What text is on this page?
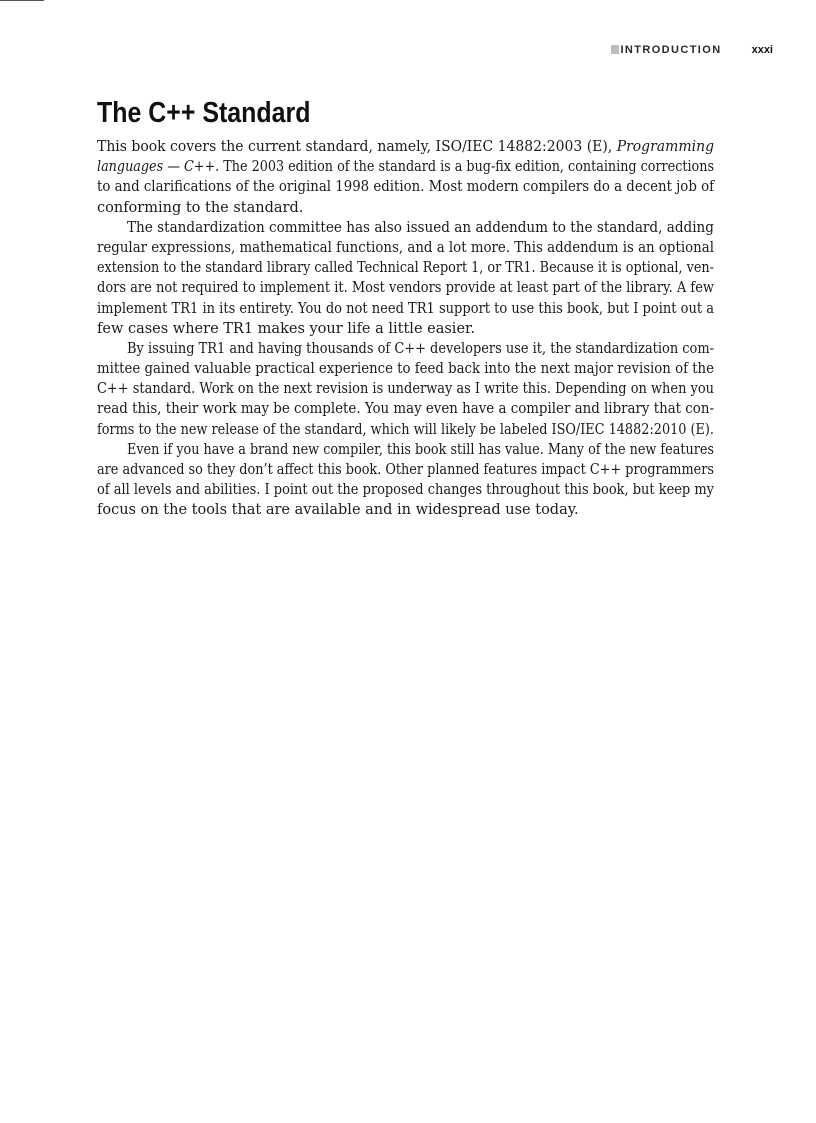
INTRODUCTION	xxxi
The C++ Standard
This book covers the current standard, namely, ISO/IEC 14882:2003 (E), Programming
languages — C++. The 2003 edition of the standard is a bug-fix edition, containing corrections
to and clarifications of the original 1998 edition. Most modern compilers do a decent job of
conforming to the standard.
The standardization committee has also issued an addendum to the standard, adding
regular expressions, mathematical functions, and a lot more. This addendum is an optional
extension to the standard library called Technical Report 1, or TR1. Because it is optional, ven-
dors are not required to implement it. Most vendors provide at least part of the library. A few
implement TR1 in its entirety. You do not need TR1 support to use this book, but I point out a
few cases where TR1 makes your life a little easier.
By issuing TR1 and having thousands of C++ developers use it, the standardization com-
mittee gained valuable practical experience to feed back into the next major revision of the
C++ standard. Work on the next revision is underway as I write this. Depending on when you
read this, their work may be complete. You may even have a compiler and library that con-
forms to the new release of the standard, which will likely be labeled ISO/IEC 14882:2010 (E).
Even if you have a brand new compiler, this book still has value. Many of the new features
are advanced so they don’t affect this book. Other planned features impact C++ programmers
of all levels and abilities. I point out the proposed changes throughout this book, but keep my
focus on the tools that are available and in widespread use today.
